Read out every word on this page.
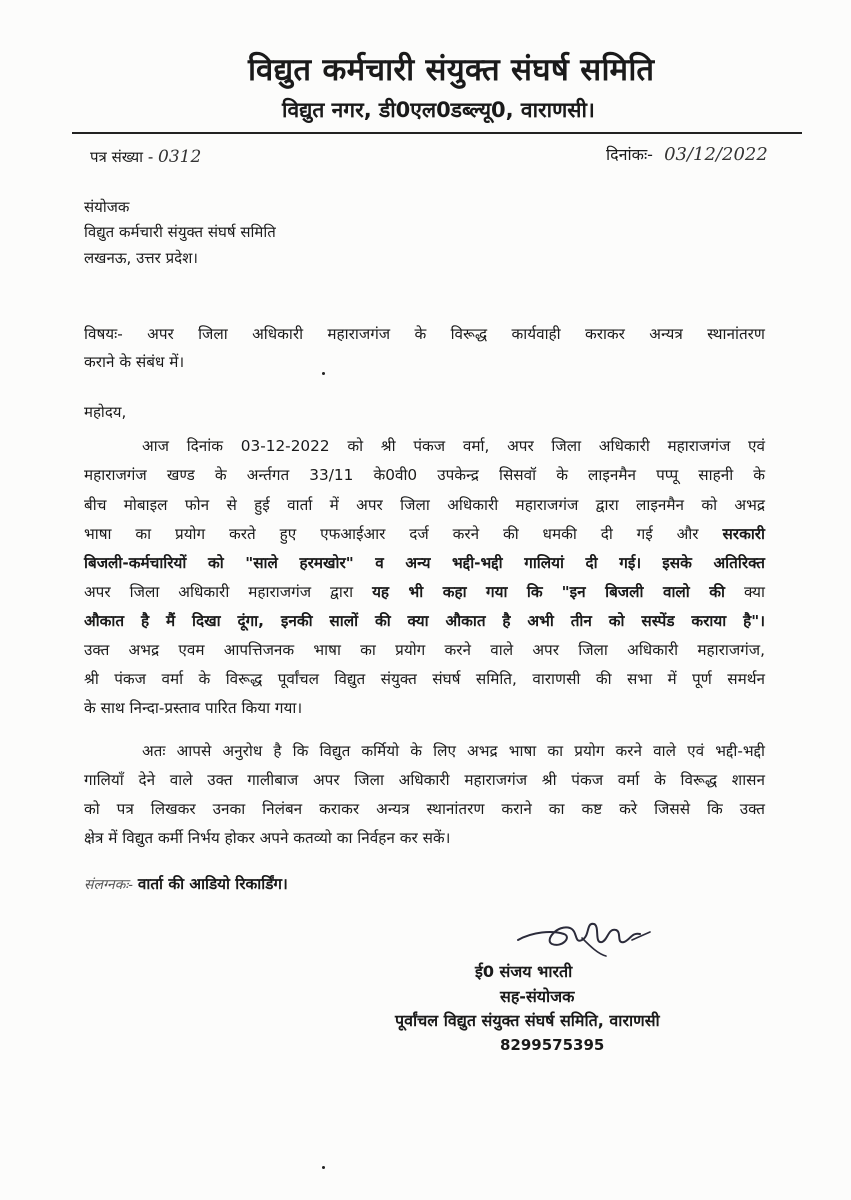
विद्युत कर्मचारी संयुक्त संघर्ष समिति
विद्युत नगर, डी0एल0डब्ल्यू0, वाराणसी।
पत्र संख्या - 0312	दिनांकः- 03/12/2022
संयोजक
विद्युत कर्मचारी संयुक्त संघर्ष समिति
लखनऊ, उत्तर प्रदेश।
विषयः- अपर जिला अधिकारी महाराजगंज के विरूद्ध कार्यवाही कराकर अन्यत्र स्थानांतरण
कराने के संबंध में।
महोदय,
आज दिनांक 03-12-2022 को श्री पंकज वर्मा, अपर जिला अधिकारी महाराजगंज एवं
महाराजगंज खण्ड के अर्न्तगत 33/11 के0वी0 उपकेन्द्र सिसवॉ के लाइनमैन पप्पू साहनी के
बीच मोबाइल फोन से हुई वार्ता में अपर जिला अधिकारी महाराजगंज द्वारा लाइनमैन को अभद्र
भाषा का प्रयोग करते हुए एफआईआर दर्ज करने की धमकी दी गई और सरकारी
बिजली-कर्मचारियों को "साले हरमखोर" व अन्य भद्दी-भद्दी गालियां दी गई। इसके अतिरिक्त
अपर जिला अधिकारी महाराजगंज द्वारा यह भी कहा गया कि "इन बिजली वालो की क्या
औकात है मैं दिखा दूंगा, इनकी सालों की क्या औकात है अभी तीन को सस्पेंड कराया है"।
उक्त अभद्र एवम आपत्तिजनक भाषा का प्रयोग करने वाले अपर जिला अधिकारी महाराजगंज,
श्री पंकज वर्मा के विरूद्ध पूर्वांचल विद्युत संयुक्त संघर्ष समिति, वाराणसी की सभा में पूर्ण समर्थन
के साथ निन्दा-प्रस्ताव पारित किया गया।
अतः आपसे अनुरोध है कि विद्युत कर्मियो के लिए अभद्र भाषा का प्रयोग करने वाले एवं भद्दी-भद्दी
गालियाँ देने वाले उक्त गालीबाज अपर जिला अधिकारी महाराजगंज श्री पंकज वर्मा के विरूद्ध शासन
को पत्र लिखकर उनका निलंबन कराकर अन्यत्र स्थानांतरण कराने का कष्ट करे जिससे कि उक्त
क्षेत्र में विद्युत कर्मी निर्भय होकर अपने कतव्यो का निर्वहन कर सकें।
संलग्नकः- वार्ता की आडियो रिकार्डिंग।
ई0 संजय भारती
सह-संयोजक
पूर्वांचल विद्युत संयुक्त संघर्ष समिति, वाराणसी
8299575395
